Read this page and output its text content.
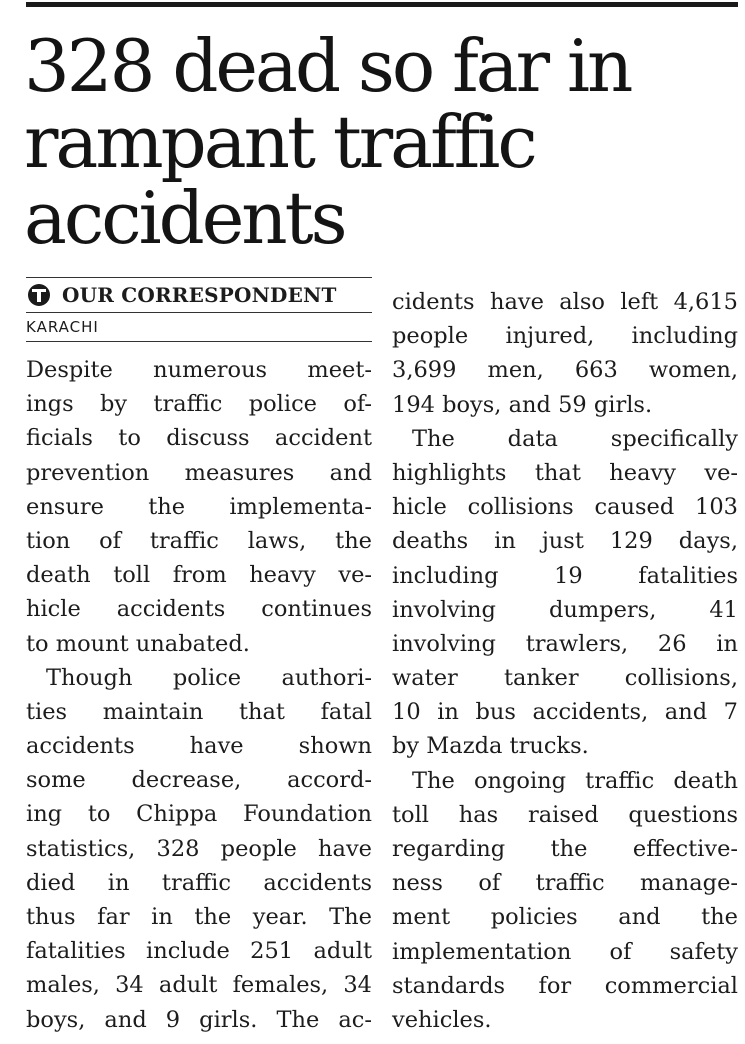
328 dead so far in
rampant traffic
accidents
OUR CORRESPONDENT
KARACHI
Despite numerous meet-
ings by traffic police of-
ficials to discuss accident
prevention measures and
ensure the implementa-
tion of traffic laws, the
death toll from heavy ve-
hicle accidents continues
to mount unabated.
Though police authori-
ties maintain that fatal
accidents have shown
some decrease, accord-
ing to Chippa Foundation
statistics, 328 people have
died in traffic accidents
thus far in the year. The
fatalities include 251 adult
males, 34 adult females, 34
boys, and 9 girls. The ac-
cidents have also left 4,615
people injured, including
3,699 men, 663 women,
194 boys, and 59 girls.
The data specifically
highlights that heavy ve-
hicle collisions caused 103
deaths in just 129 days,
including 19 fatalities
involving dumpers, 41
involving trawlers, 26 in
water tanker collisions,
10 in bus accidents, and 7
by Mazda trucks.
The ongoing traffic death
toll has raised questions
regarding the effective-
ness of traffic manage-
ment policies and the
implementation of safety
standards for commercial
vehicles.
